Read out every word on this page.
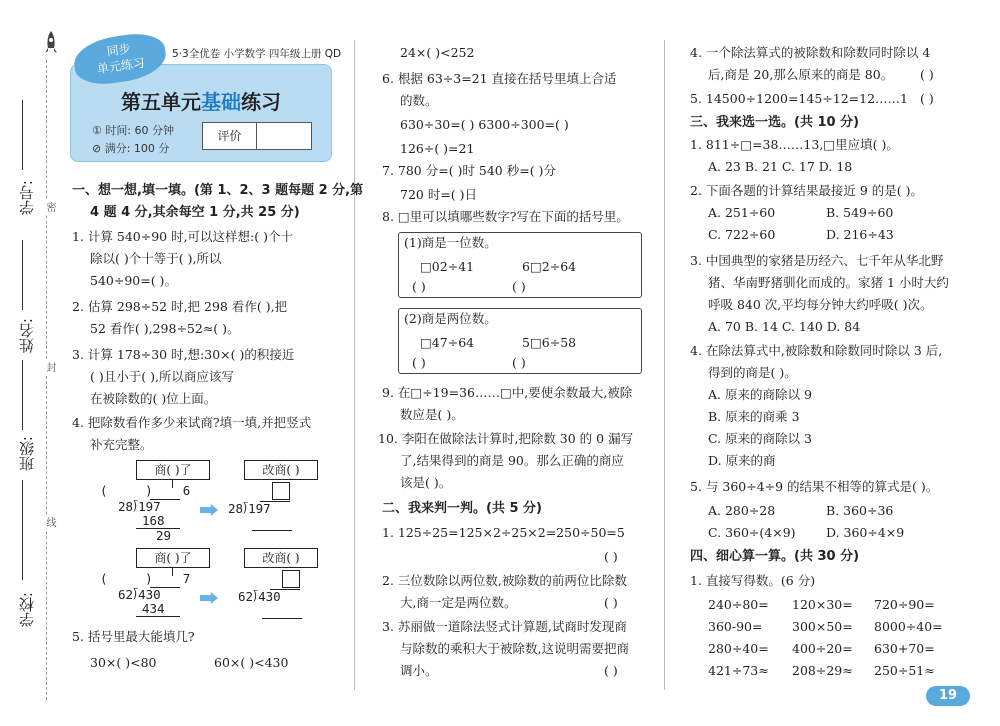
学号:
姓名:
班级:
学校:
密
封
线
同步
单元练习
5·3全优卷 小学数学 四年级上册 QD
第五单元基础练习
① 时间: 60 分钟
⊘ 满分: 100 分
评价
一、想一想,填一填。(第 1、2、3 题每题 2 分,第
4 题 4 分,其余每空 1 分,共 25 分)
1. 计算 540÷90 时,可以这样想:( )个十
除以( )个十等于( ),所以
540÷90=( )。
2. 估算 298÷52 时,把 298 看作( ),把
52 看作( ),298÷52≈( )。
3. 计算 178÷30 时,想:30×( )的积接近
( )且小于( ),所以商应该写
在被除数的( )位上面。
4. 把除数看作多少来试商?填一填,并把竖式
补充完整。
商( )了	改商( )
(     )    6
28⟌197
168
29
28⟌197
商( )了	改商( )
(     )    7
62⟌430
434
62⟌430
5. 括号里最大能填几?
30×( )<80	60×( )<430
24×( )<252
6. 根据 63÷3=21 直接在括号里填上合适
的数。
630÷30=( ) 6300÷300=( )
126÷( )=21
7. 780 分=( )时 540 秒=( )分
720 时=( )日
8. □里可以填哪些数字?写在下面的括号里。
(1)商是一位数。
□02÷41	6□2÷64
( )	( )
(2)商是两位数。
□47÷64	5□6÷58
( )	( )
9. 在□÷19=36……□中,要使余数最大,被除
数应是( )。
10. 李阳在做除法计算时,把除数 30 的 0 漏写
了,结果得到的商是 90。那么正确的商应
该是( )。
二、我来判一判。(共 5 分)
1. 125÷25=125×2÷25×2=250÷50=5
( )
2. 三位数除以两位数,被除数的前两位比除数
大,商一定是两位数。	( )
3. 苏丽做一道除法竖式计算题,试商时发现商
与除数的乘积大于被除数,这说明需要把商
调小。	( )
4. 一个除法算式的被除数和除数同时除以 4
后,商是 20,那么原来的商是 80。 ( )
5. 14500÷1200=145÷12=12……1 ( )
三、我来选一选。(共 10 分)
1. 811÷□=38……13,□里应填( )。
A. 23 B. 21 C. 17 D. 18
2. 下面各题的计算结果最接近 9 的是( )。
A. 251÷60	B. 549÷60
C. 722÷60	D. 216÷43
3. 中国典型的家猪是历经六、七千年从华北野
猪、华南野猪驯化而成的。家猪 1 小时大约
呼吸 840 次,平均每分钟大约呼吸( )次。
A. 70 B. 14 C. 140 D. 84
4. 在除法算式中,被除数和除数同时除以 3 后,
得到的商是( )。
A. 原来的商除以 9
B. 原来的商乘 3
C. 原来的商除以 3
D. 原来的商
5. 与 360÷4÷9 的结果不相等的算式是( )。
A. 280÷28	B. 360÷36
C. 360÷(4×9) D. 360÷4×9
四、细心算一算。(共 30 分)
1. 直接写得数。(6 分)
240÷80= 120×30= 720÷90=
360-90= 300×50= 8000÷40=
280÷40= 400÷20= 630+70=
421÷73≈ 208÷29≈ 250÷51≈
19
